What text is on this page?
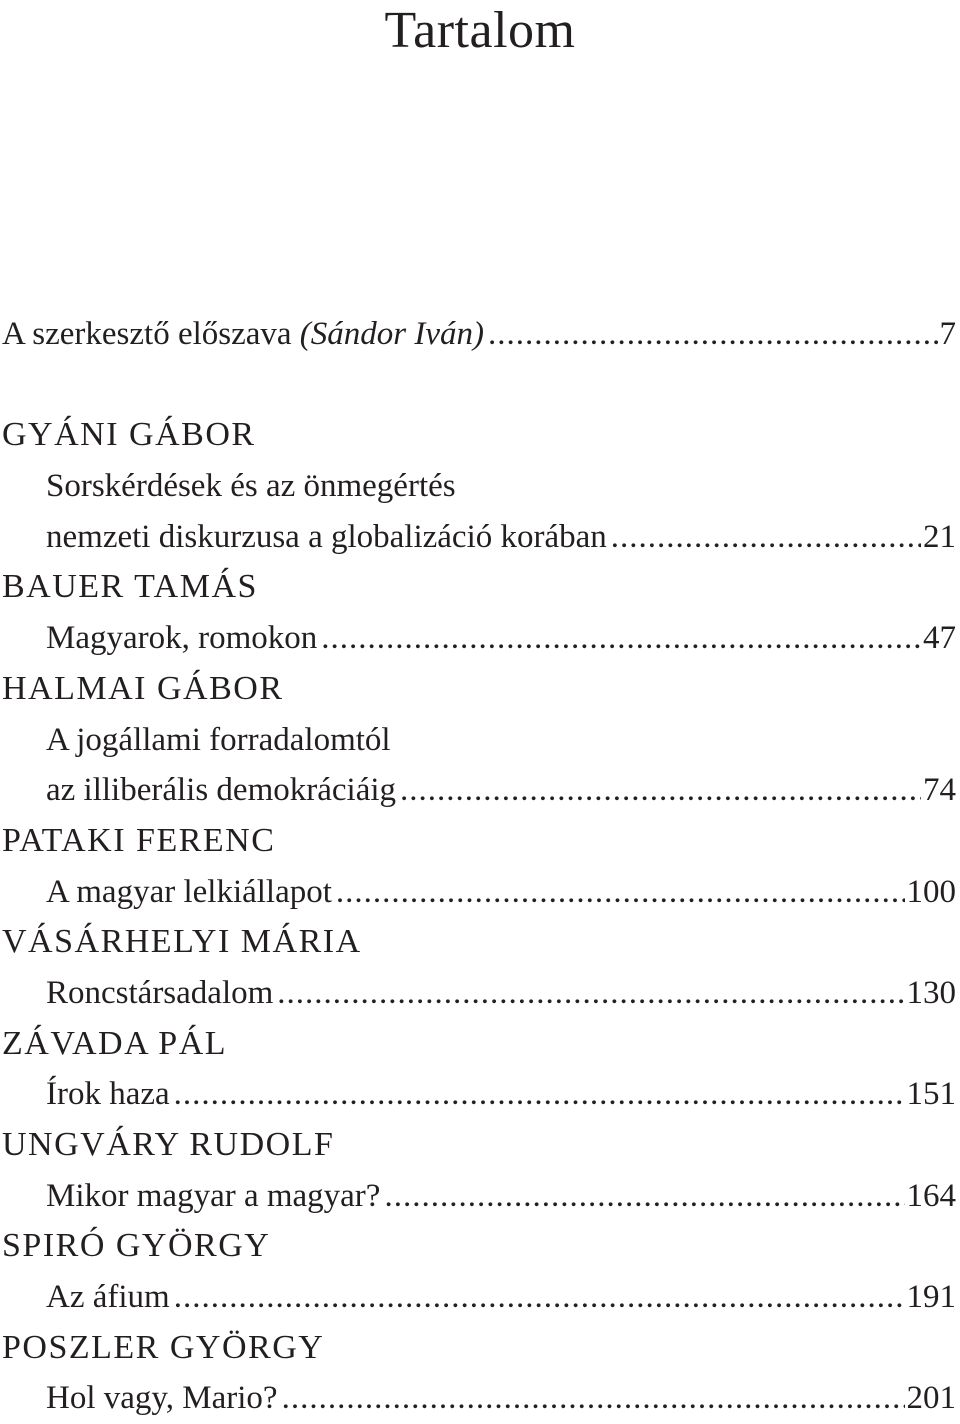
Tartalom
A szerkesztő előszava (Sándor Iván) .....	7
GYÁNI GÁBOR
Sorskérdések és az önmegértés
nemzeti diskurzusa a globalizáció korában .....	21
BAUER TAMÁS
Magyarok, romokon .....	47
HALMAI GÁBOR
A jogállami forradalomtól
az illiberális demokráciáig .....	74
PATAKI FERENC
A magyar lelkiállapot .....	100
VÁSÁRHELYI MÁRIA
Roncstársadalom .....	130
ZÁVADA PÁL
Írok haza .....	151
UNGVÁRY RUDOLF
Mikor magyar a magyar? .....	164
SPIRÓ GYÖRGY
Az áfium .....	191
POSZLER GYÖRGY
Hol vagy, Mario? .....	201
